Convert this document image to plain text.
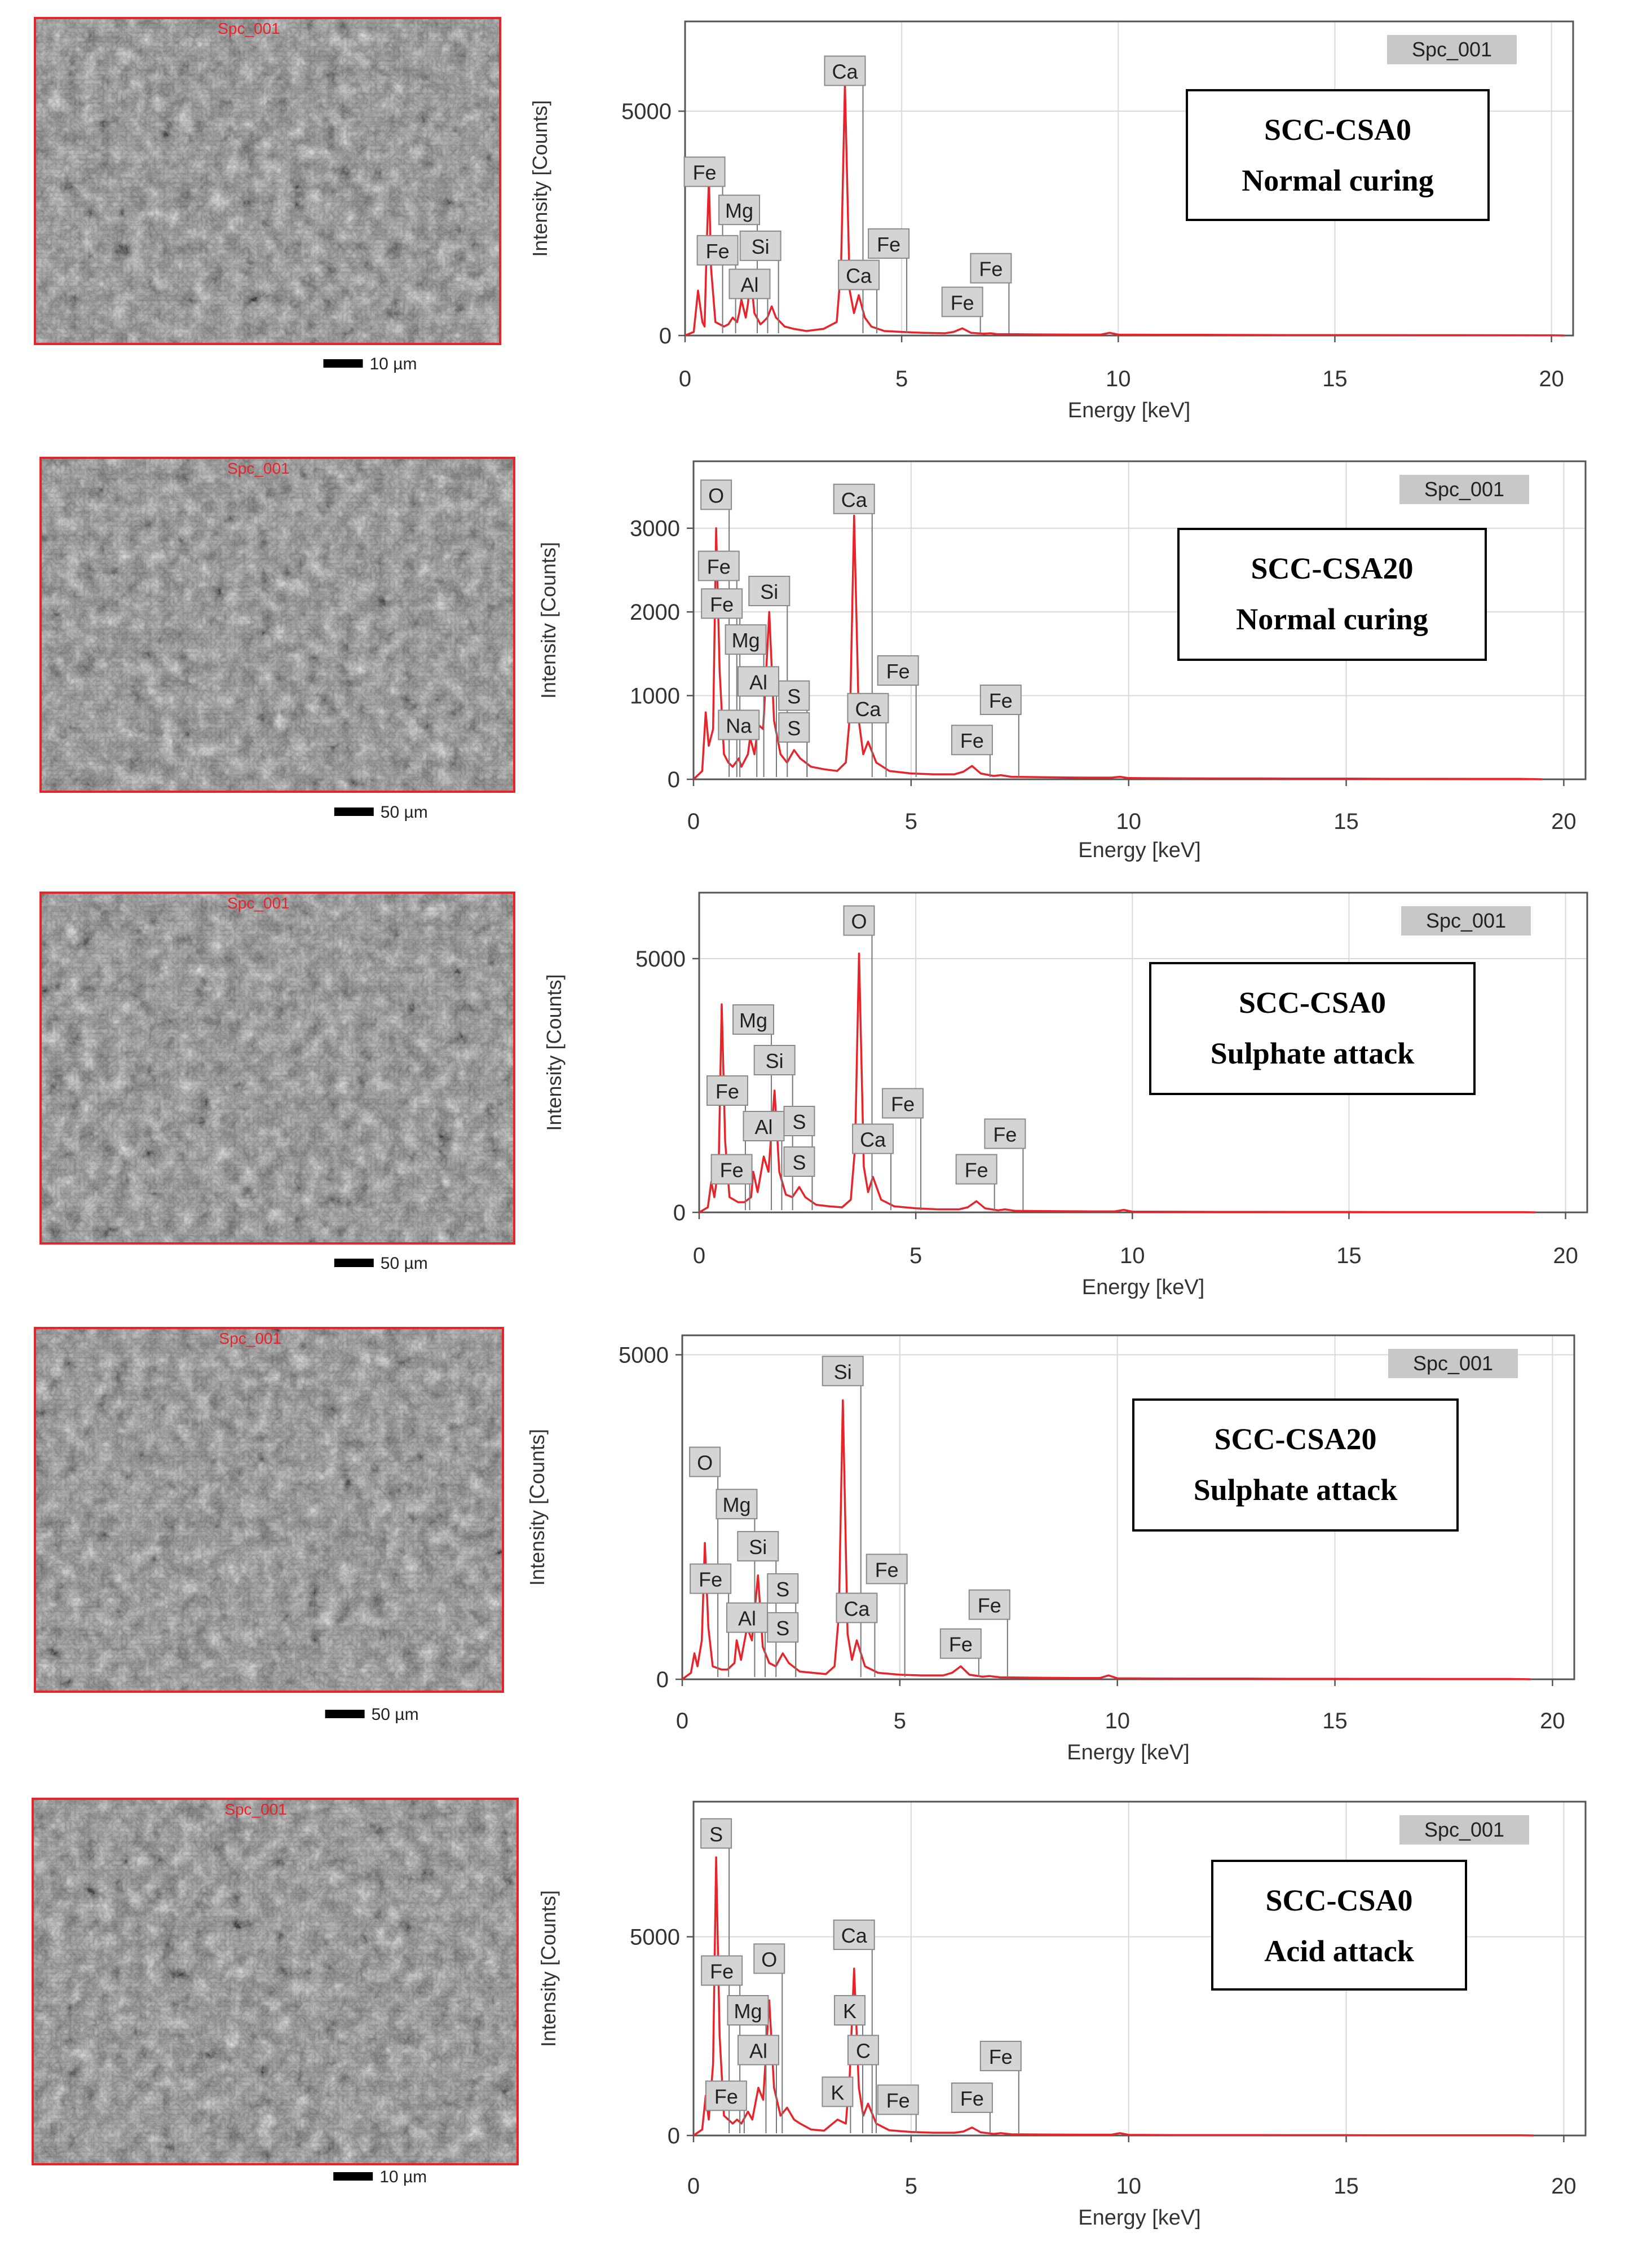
Spc_001
10 µm
0	5	10	15	20
0
5000
Energy [keV]
Intensity [Counts]	Fe
Mg
Fe Si
Al
Ca
Ca
Fe
Fe
Fe
Spc_001
SCC-CSA0
Normal curing
Spc_001
50 µm	0	5	10	15	20
0
1000
2000
3000
Energy [keV]
Intensitv [Counts]
O
Fe
Fe
Mg
Si
Al
Na
S
S
Ca
Ca
Fe
Fe
Fe
Spc_001
SCC-CSA20
Normal curing
Spc_001
50 µm	0	5	10	15	20
0
5000
Energy [keV]
Intensity [Counts]	Mg
Si
Fe
Al S
Fe S
O
Fe
Ca
Fe
Fe
Spc_001
SCC-CSA0
Sulphate attack
Spc_001
50 µm	0	5	10	15	20
0
5000
Energy [keV]
Intensity [Counts]	O
Mg
Si
Fe	S
Al S
Si
Fe
Ca
Fe
Fe
Spc_001
SCC-CSA20
Sulphate attack
Spc_001
10 µm	0	5	10	15	20
0
5000
Energy [keV]
Intensity [Counts]
S
Fe
O
Mg
Al
Fe
Ca
K
C
K Fe Fe
Fe
Spc_001
SCC-CSA0
Acid attack
